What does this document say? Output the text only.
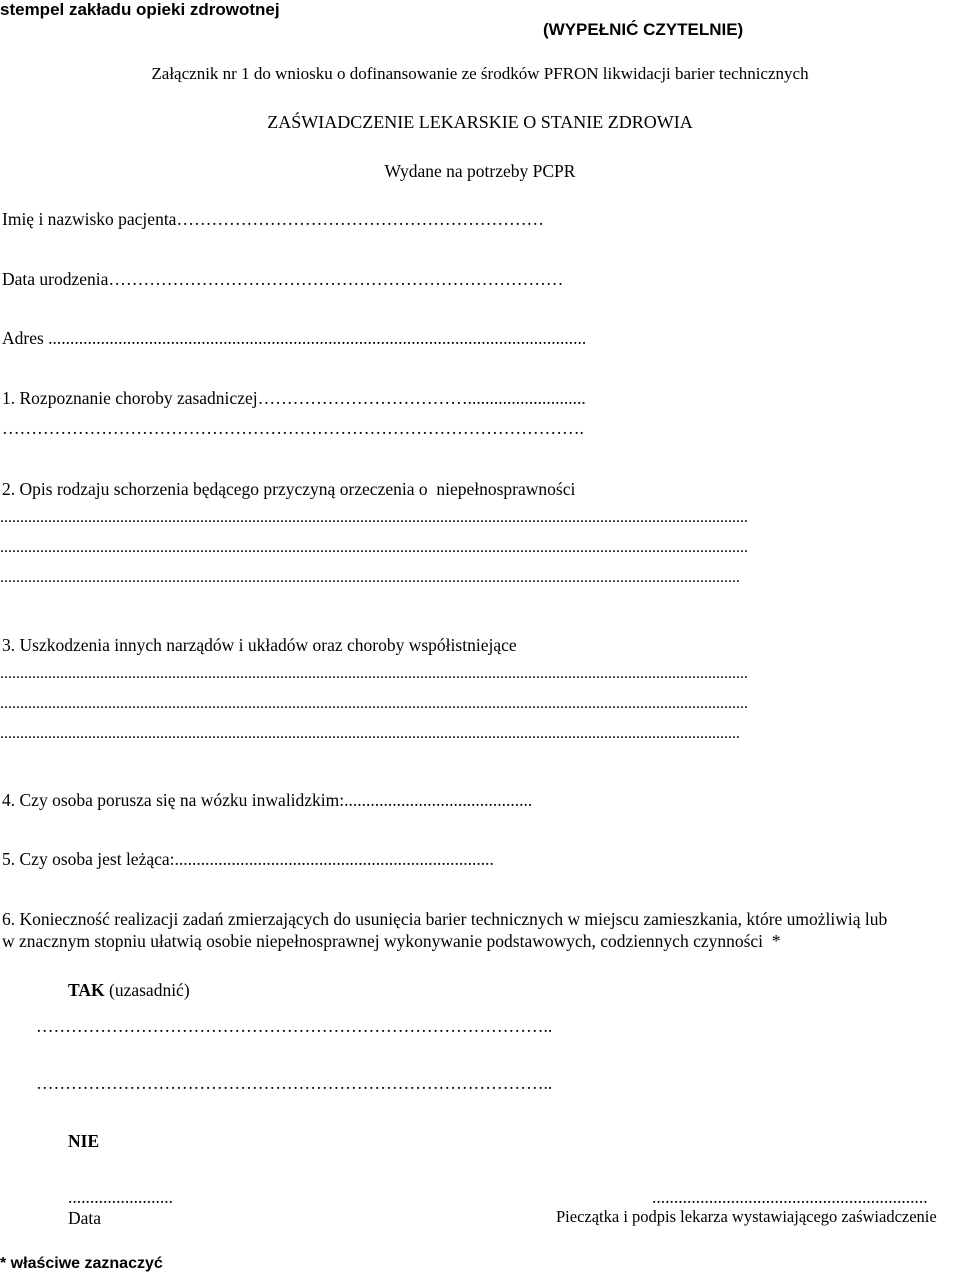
stempel zakładu opieki zdrowotnej
(WYPEŁNIĆ CZYTELNIE)
Załącznik nr 1 do wniosku o dofinansowanie ze środków PFRON likwidacji barier technicznych
ZAŚWIADCZENIE LEKARSKIE O STANIE ZDROWIA
Wydane na potrzeby PCPR
Imię i nazwisko pacjenta………………………………………………………
Data urodzenia……………………………………………………………………
Adres ...........................................................................................................................
1. Rozpoznanie choroby zasadniczej………………………………...........................
……………………………………………………………………………………….
2. Opis rodzaju schorzenia będącego przyczyną orzeczenia o  niepełnosprawności
...........................................................................................................................................................................................
...........................................................................................................................................................................................
.........................................................................................................................................................................................
3. Uszkodzenia innych narządów i układów oraz choroby współistniejące
...........................................................................................................................................................................................
...........................................................................................................................................................................................
.........................................................................................................................................................................................
4. Czy osoba porusza się na wózku inwalidzkim:...........................................
5. Czy osoba jest leżąca:.........................................................................
6. Konieczność realizacji zadań zmierzających do usunięcia barier technicznych w miejscu zamieszkania, które umożliwią lub
w znacznym stopniu ułatwią osobie niepełnosprawnej wykonywanie podstawowych, codziennych czynności  *
TAK (uzasadnić)
……………………………………………………………………………..
……………………………………………………………………………..
NIE
........................
Data
...............................................................
Pieczątka i podpis lekarza wystawiającego zaświadczenie
* właściwe zaznaczyć
